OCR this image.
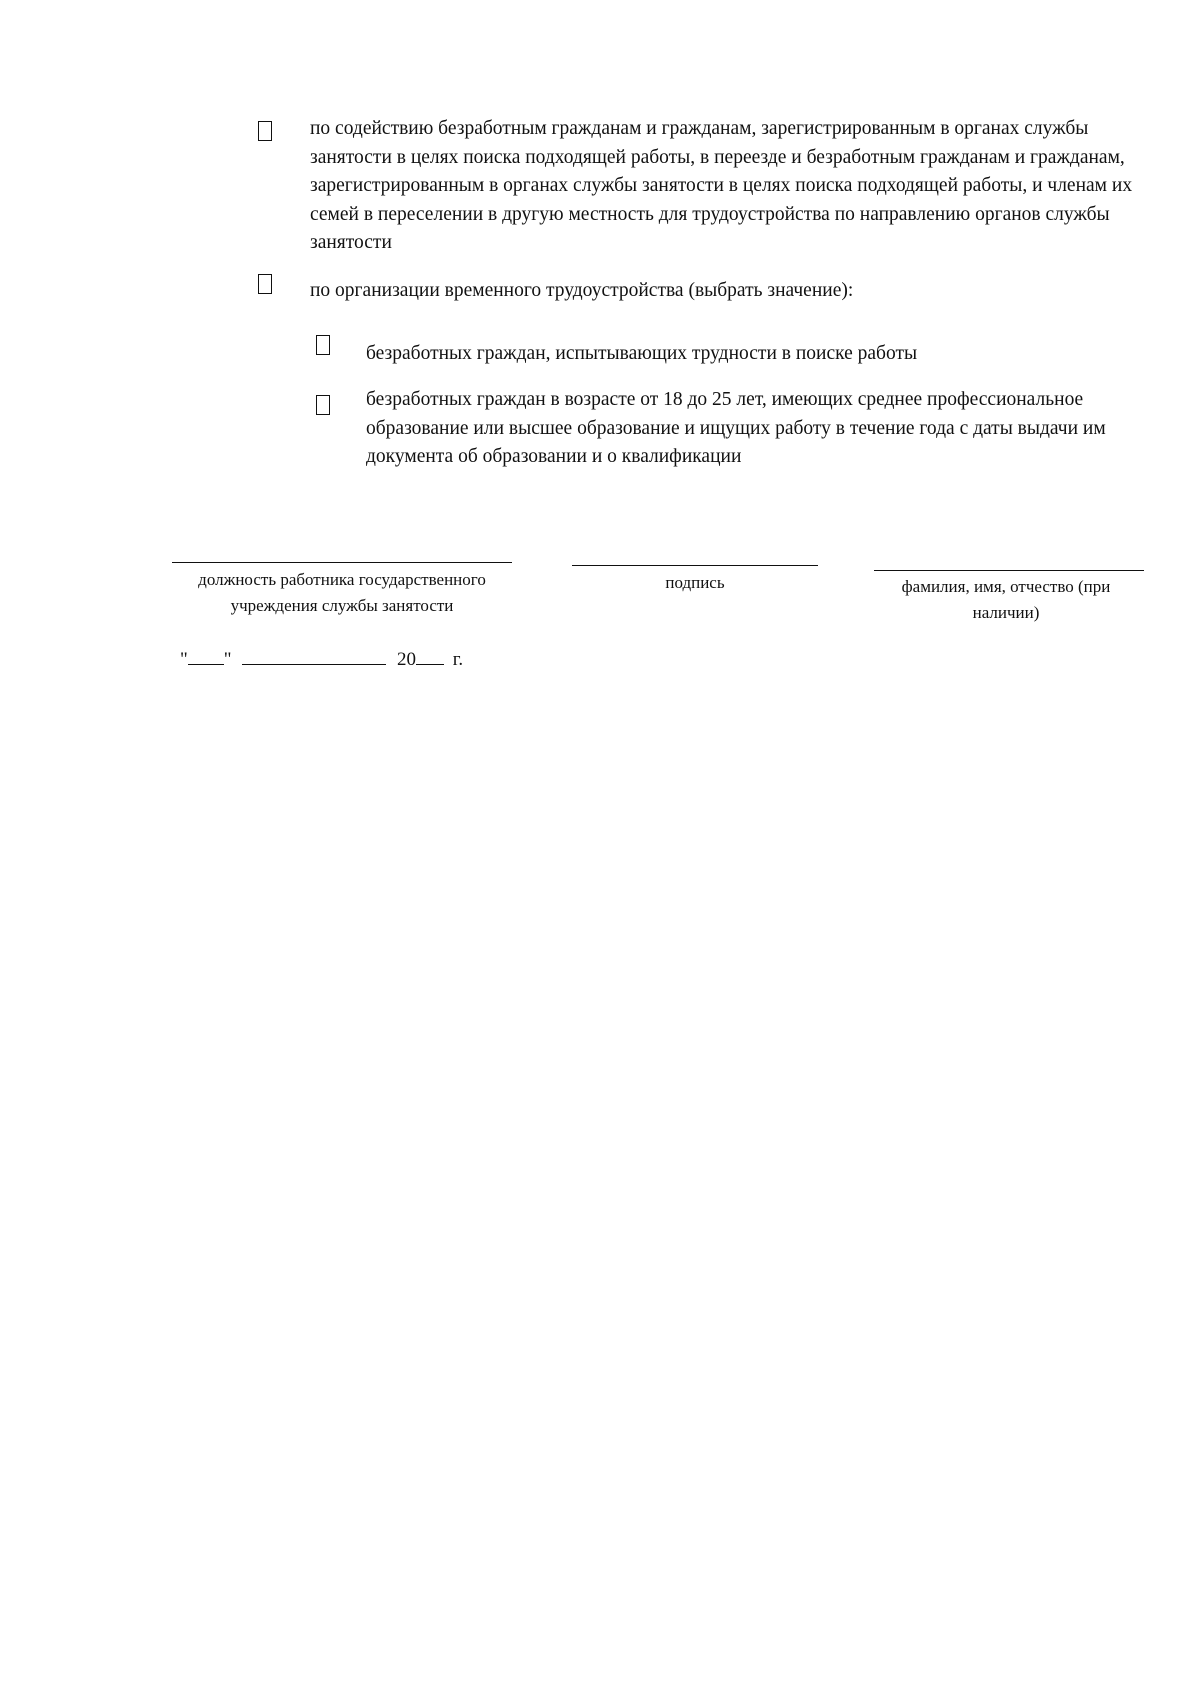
по содействию безработным гражданам и гражданам, зарегистрированным в органах службы занятости в целях поиска подходящей работы, в переезде и безработным гражданам и гражданам, зарегистрированным в органах службы занятости в целях поиска подходящей работы, и членам их семей в переселении в другую местность для трудоустройства по направлению органов службы занятости
по организации временного трудоустройства (выбрать значение):
безработных граждан, испытывающих трудности в поиске работы
безработных граждан в возрасте от 18 до 25 лет, имеющих среднее профессиональное образование или высшее образование и ищущих работу в течение года с даты выдачи им документа об образовании и о квалификации
должность работника государственного учреждения службы занятости
подпись	фамилия, имя, отчество (при наличии)
" "	20 г.
